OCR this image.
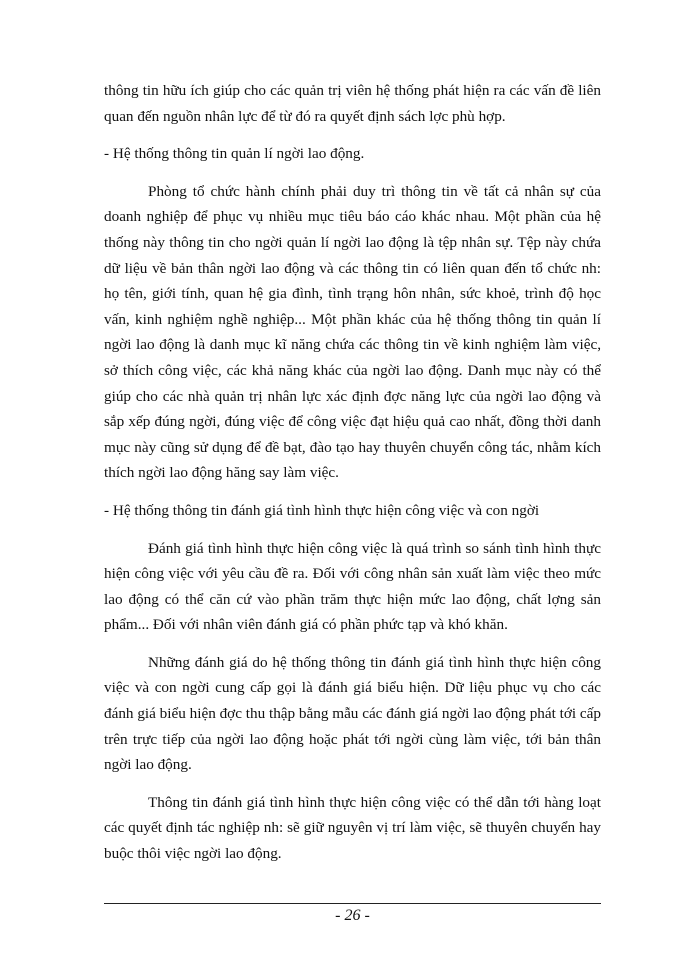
thông tin hữu ích giúp cho các quản trị viên hệ thống phát hiện ra các vấn đề liên quan đến nguồn nhân lực để từ đó ra quyết định sách lợc phù hợp.

- Hệ thống thông tin quản lí ngời lao động.

Phòng tổ chức hành chính phải duy trì thông tin về tất cả nhân sự của doanh nghiệp để phục vụ nhiều mục tiêu báo cáo khác nhau. Một phần của hệ thống này thông tin cho ngời quản lí ngời lao động là tệp nhân sự. Tệp này chứa dữ liệu về bản thân ngời lao động và các thông tin có liên quan đến tổ chức nh: họ tên, giới tính, quan hệ gia đình, tình trạng hôn nhân, sức khoẻ, trình độ học vấn, kinh nghiệm nghề nghiệp... Một phần khác của hệ thống thông tin quản lí ngời lao động là danh mục kĩ năng chứa các thông tin về kinh nghiệm làm việc, sở thích công việc, các khả năng khác của ngời lao động. Danh mục này có thể giúp cho các nhà quản trị nhân lực xác định đợc năng lực của ngời lao động và sắp xếp đúng ngời, đúng việc để công việc đạt hiệu quả cao nhất, đồng thời danh mục này cũng sử dụng để đề bạt, đào tạo hay thuyên chuyển công tác, nhằm kích thích ngời lao động hăng say làm việc.

- Hệ thống thông tin đánh giá tình hình thực hiện công việc và con ngời

Đánh giá tình hình thực hiện công việc là quá trình so sánh tình hình thực hiện công việc với yêu cầu đề ra. Đối với công nhân sản xuất làm việc theo mức lao động có thể căn cứ vào phần trăm thực hiện mức lao động, chất lợng sản phẩm... Đối với nhân viên đánh giá có phần phức tạp và khó khăn.

Những đánh giá do hệ thống thông tin đánh giá tình hình thực hiện công việc và con ngời cung cấp gọi là đánh giá biểu hiện. Dữ liệu phục vụ cho các đánh giá biểu hiện đợc thu thập bằng mẫu các đánh giá ngời lao động phát tới cấp trên trực tiếp của ngời lao động hoặc phát tới ngời cùng làm việc, tới bản thân ngời lao động.

Thông tin đánh giá tình hình thực hiện công việc có thể dẫn tới hàng loạt các quyết định tác nghiệp nh: sẽ giữ nguyên vị trí làm việc, sẽ thuyên chuyển hay buộc thôi việc ngời lao động.

- 26 -
